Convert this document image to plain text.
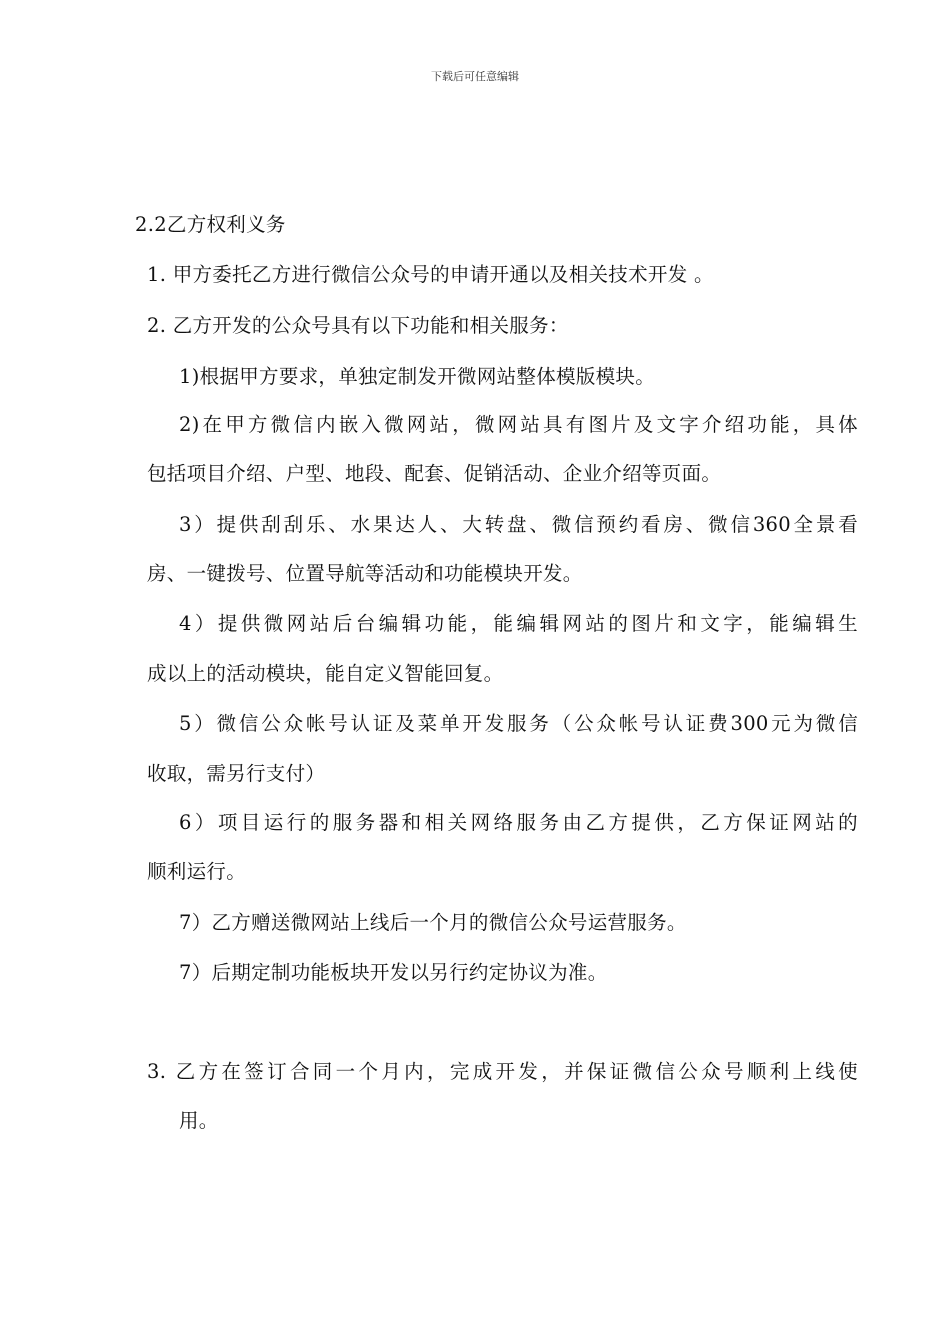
下载后可任意编辑
2.2乙方权利义务
1. 甲方委托乙方进行微信公众号的申请开通以及相关技术开发 。
2. 乙方开发的公众号具有以下功能和相关服务：
1)根据甲方要求，单独定制发开微网站整体模版模块。
2)在甲方微信内嵌入微网站，微网站具有图片及文字介绍功能，具体
包括项目介绍、户型、地段、配套、促销活动、企业介绍等页面。
3）提供刮刮乐、水果达人、大转盘、微信预约看房、微信360全景看
房、一键拨号、位置导航等活动和功能模块开发。
4）提供微网站后台编辑功能，能编辑网站的图片和文字，能编辑生
成以上的活动模块，能自定义智能回复。
5）微信公众帐号认证及菜单开发服务（公众帐号认证费300元为微信
收取，需另行支付）
6）项目运行的服务器和相关网络服务由乙方提供，乙方保证网站的
顺利运行。
7）乙方赠送微网站上线后一个月的微信公众号运营服务。
7）后期定制功能板块开发以另行约定协议为准。
3. 乙方在签订合同一个月内，完成开发，并保证微信公众号顺利上线使
用。
